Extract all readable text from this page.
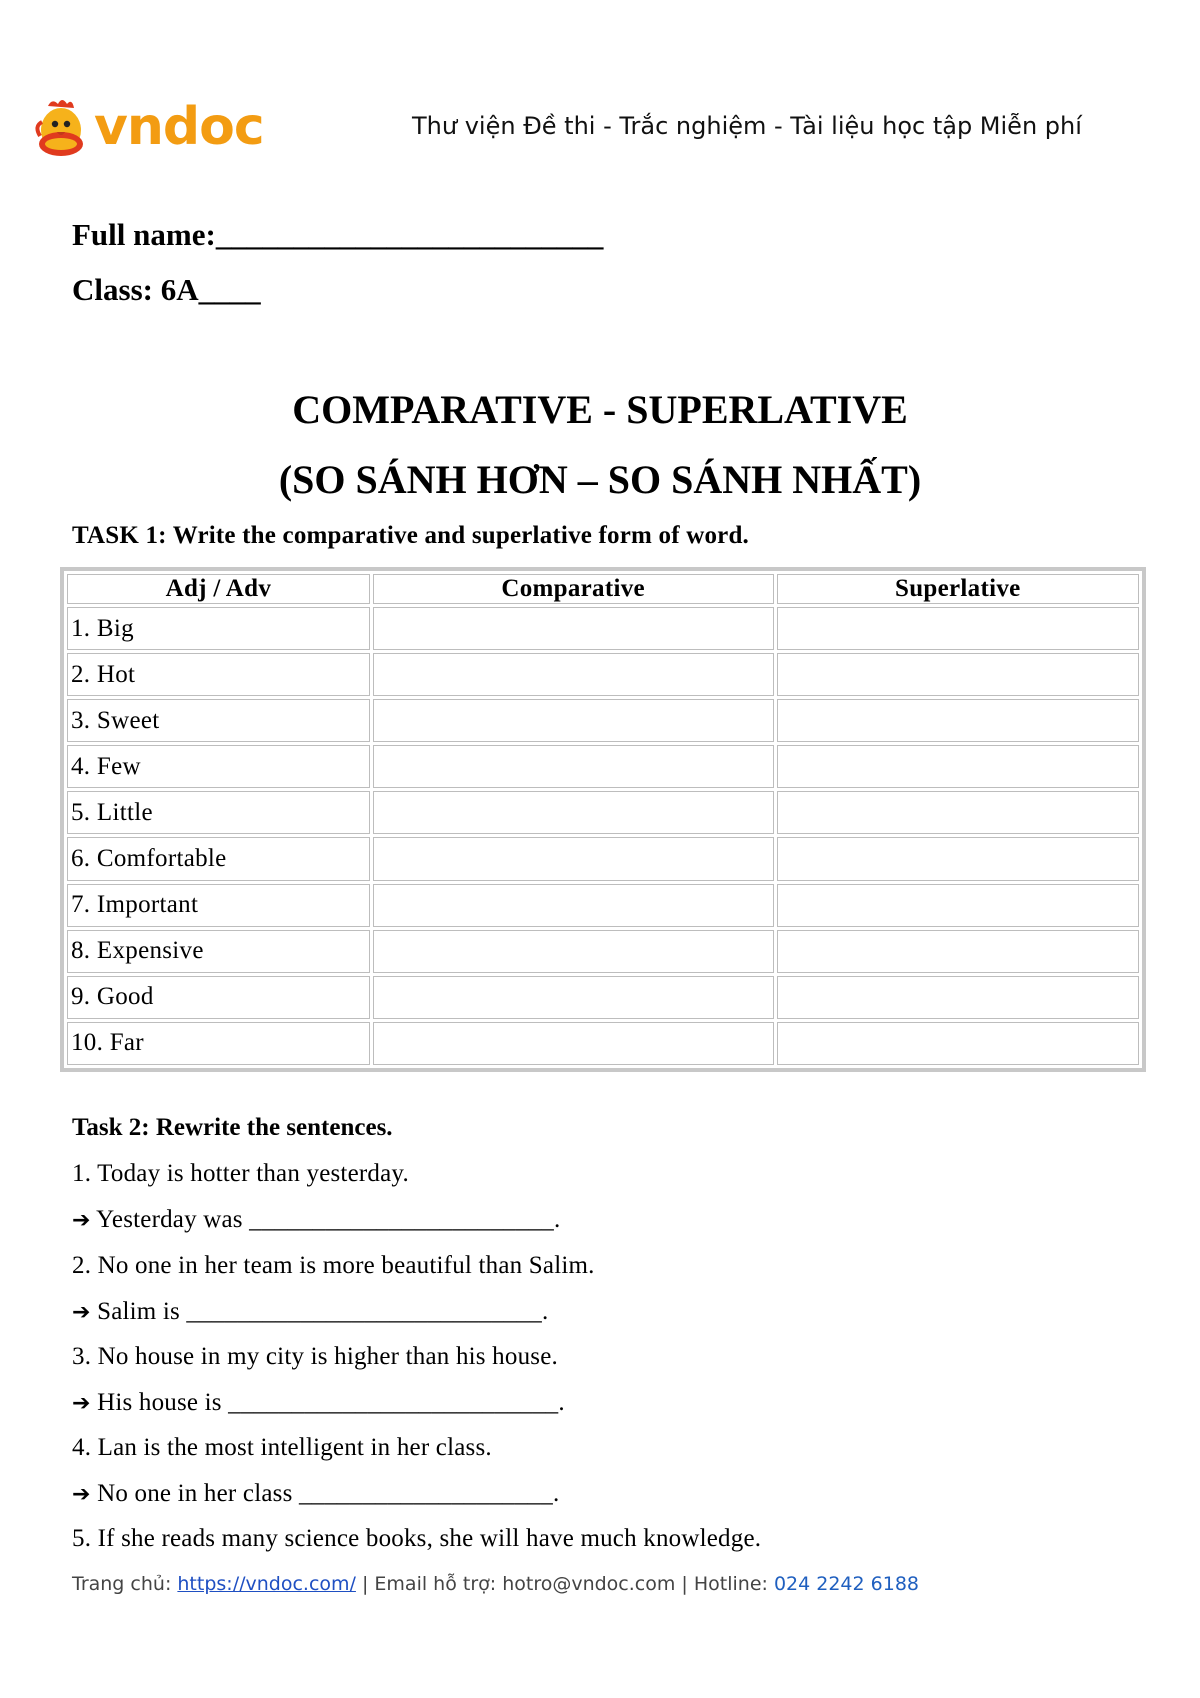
vndoc	Thư viện Đề thi - Trắc nghiệm - Tài liệu học tập Miễn phí
Full name:_________________________
Class: 6A____
COMPARATIVE - SUPERLATIVE
(SO SÁNH HƠN – SO SÁNH NHẤT)
TASK 1: Write the comparative and superlative form of word.
Adj / Adv	Comparative	Superlative
1. Big		
2. Hot		
3. Sweet		
4. Few		
5. Little		
6. Comfortable		
7. Important		
8. Expensive		
9. Good		
10. Far		
Task 2: Rewrite the sentences.
1. Today is hotter than yesterday.
➔ Yesterday was ________________________.
2. No one in her team is more beautiful than Salim.
➔ Salim is ____________________________.
3. No house in my city is higher than his house.
➔ His house is __________________________.
4. Lan is the most intelligent in her class.
➔ No one in her class ____________________.
5. If she reads many science books, she will have much knowledge.
Trang chủ: https://vndoc.com/ | Email hỗ trợ: hotro@vndoc.com | Hotline: 024 2242 6188
